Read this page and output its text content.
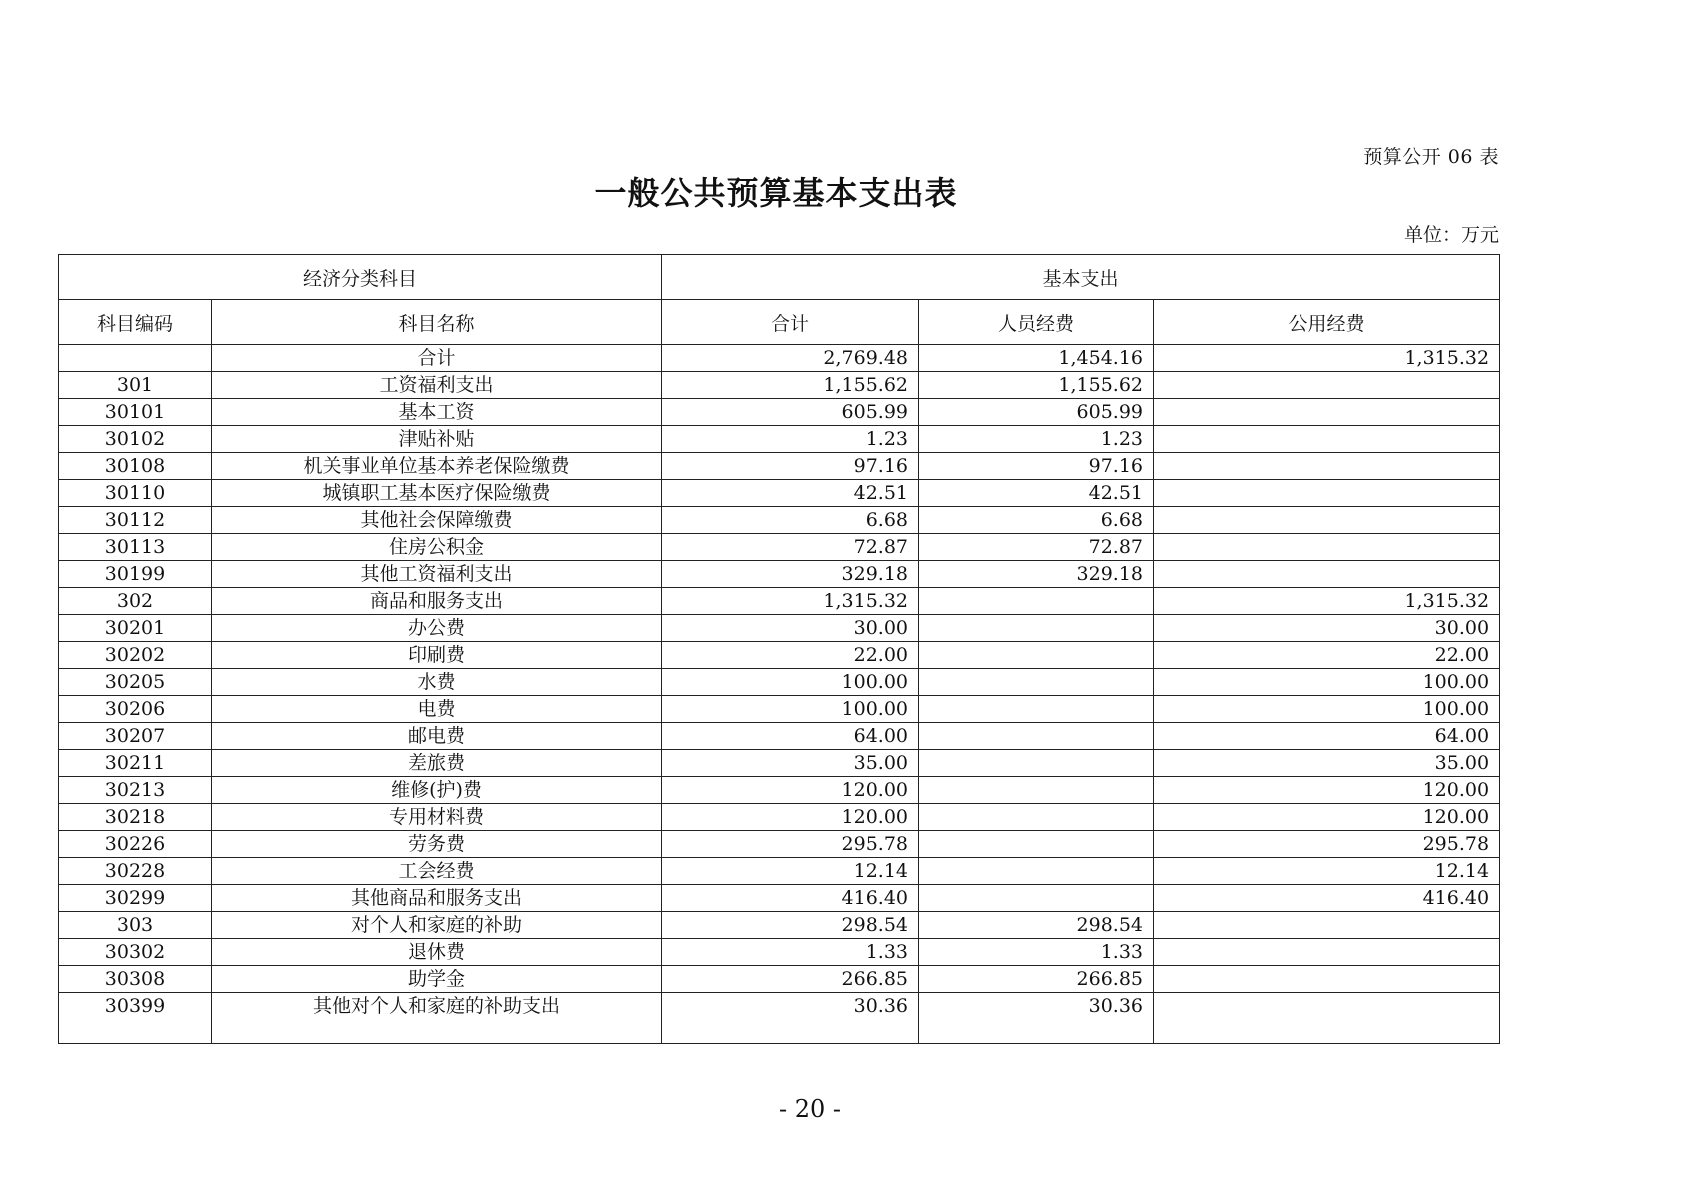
预算公开 06 表
一般公共预算基本支出表
单位：万元
经济分类科目		基本支出		
科目编码	科目名称	合计	人员经费	公用经费
	合计	2,769.48	1,454.16	1,315.32
301	工资福利支出	1,155.62	1,155.62	
30101	基本工资	605.99	605.99	
30102	津贴补贴	1.23	1.23	
30108	机关事业单位基本养老保险缴费	97.16	97.16	
30110	城镇职工基本医疗保险缴费	42.51	42.51	
30112	其他社会保障缴费	6.68	6.68	
30113	住房公积金	72.87	72.87	
30199	其他工资福利支出	329.18	329.18	
302	商品和服务支出	1,315.32		1,315.32
30201	办公费	30.00		30.00
30202	印刷费	22.00		22.00
30205	水费	100.00		100.00
30206	电费	100.00		100.00
30207	邮电费	64.00		64.00
30211	差旅费	35.00		35.00
30213	维修(护)费	120.00		120.00
30218	专用材料费	120.00		120.00
30226	劳务费	295.78		295.78
30228	工会经费	12.14		12.14
30299	其他商品和服务支出	416.40		416.40
303	对个人和家庭的补助	298.54	298.54	
30302	退休费	1.33	1.33	
30308	助学金	266.85	266.85	
30399	其他对个人和家庭的补助支出	30.36	30.36	
- 20 -
